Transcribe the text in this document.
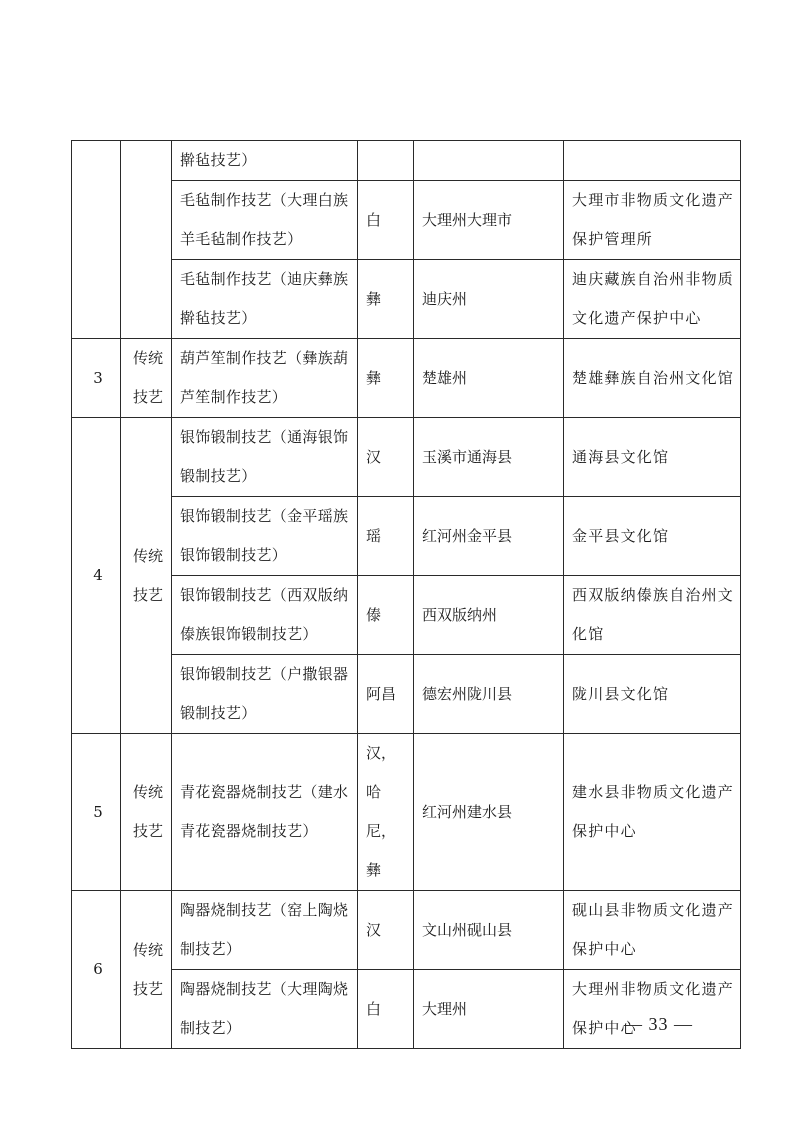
		擀毡技艺）			
		毛毡制作技艺（大理白族羊毛毡制作技艺）	白	大理州大理市	大理市非物质文化遗产保护管理所
		毛毡制作技艺（迪庆彝族擀毡技艺）	彝	迪庆州	迪庆藏族自治州非物质文化遗产保护中心
3	传统技艺	葫芦笙制作技艺（彝族葫芦笙制作技艺）	彝	楚雄州	楚雄彝族自治州文化馆
4	传统技艺	银饰锻制技艺（通海银饰锻制技艺）	汉	玉溪市通海县	通海县文化馆
		银饰锻制技艺（金平瑶族银饰锻制技艺）	瑶	红河州金平县	金平县文化馆
		银饰锻制技艺（西双版纳傣族银饰锻制技艺）	傣	西双版纳州	西双版纳傣族自治州文化馆
		银饰锻制技艺（户撒银器锻制技艺）	阿昌	德宏州陇川县	陇川县文化馆
5	传统技艺	青花瓷器烧制技艺（建水青花瓷器烧制技艺）	汉，哈尼，彝	红河州建水县	建水县非物质文化遗产保护中心
6	传统技艺	陶器烧制技艺（窑上陶烧制技艺）	汉	文山州砚山县	砚山县非物质文化遗产保护中心
		陶器烧制技艺（大理陶烧制技艺）	白	大理州	大理州非物质文化遗产保护中心
— 33 —
